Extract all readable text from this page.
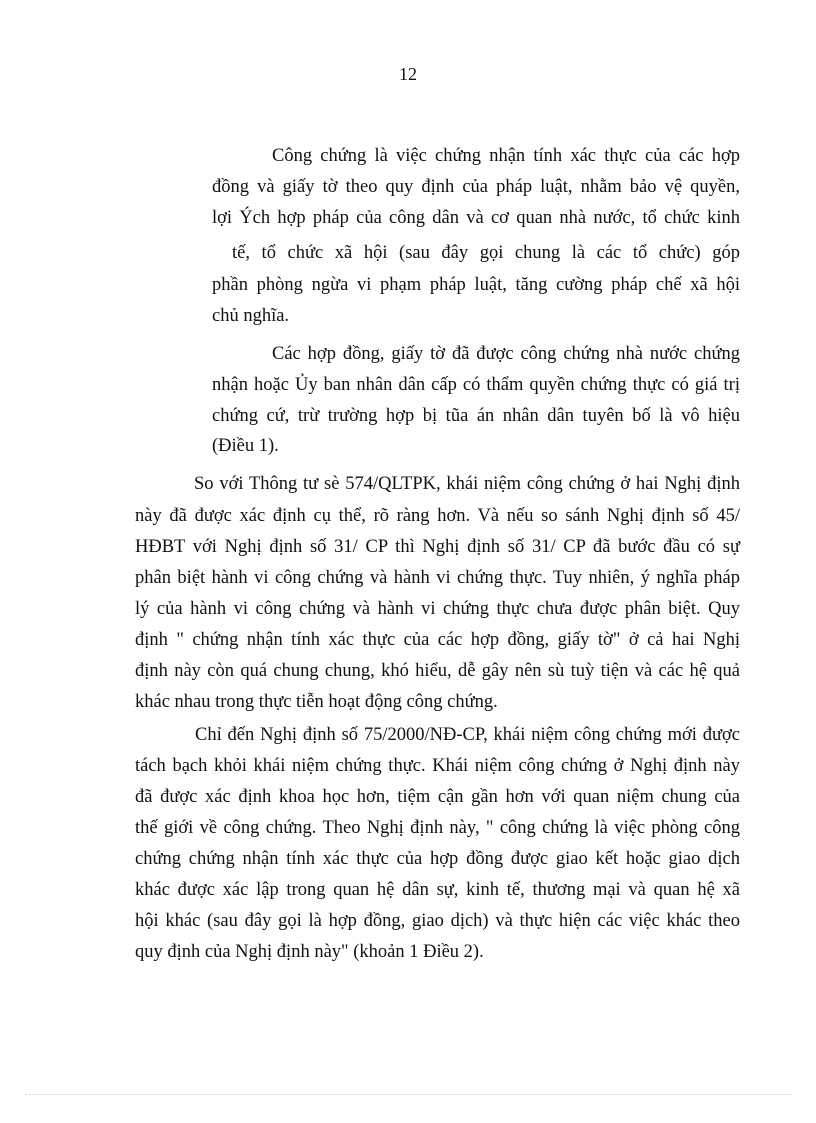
12
Công chứng là việc chứng nhận tính xác thực của các hợp
đồng và giấy tờ theo quy định của pháp luật, nhằm bảo vệ quyền,
lợi Ých hợp pháp của công dân và cơ quan nhà nước, tổ chức kinh
tế, tổ chức xã hội (sau đây gọi chung là các tổ chức) góp
phần phòng ngừa vi phạm pháp luật, tăng cường pháp chế xã hội
chủ nghĩa.
Các hợp đồng, giấy tờ đã được công chứng nhà nước chứng
nhận hoặc Ủy ban nhân dân cấp có thẩm quyền chứng thực có giá trị
chứng cứ, trừ trường hợp bị tũa án nhân dân tuyên bố là vô hiệu
(Điều 1).
So với Thông tư sè 574/QLTPK, khái niệm công chứng ở hai Nghị định
này đã được xác định cụ thể, rõ ràng hơn. Và nếu so sánh Nghị định số 45/
HĐBT với Nghị định số 31/ CP thì Nghị định số 31/ CP đã bước đầu có sự
phân biệt hành vi công chứng và hành vi chứng thực. Tuy nhiên, ý nghĩa pháp
lý của hành vi công chứng và hành vi chứng thực chưa được phân biệt. Quy
định " chứng nhận tính xác thực của các hợp đồng, giấy tờ" ở cả hai Nghị
định này còn quá chung chung, khó hiểu, dễ gây nên sù tuỳ tiện và các hệ quả
khác nhau trong thực tiễn hoạt động công chứng.
Chỉ đến Nghị định số 75/2000/NĐ-CP, khái niệm công chứng mới được
tách bạch khỏi khái niệm chứng thực. Khái niệm công chứng ở Nghị định này
đã được xác định khoa học hơn, tiệm cận gần hơn với quan niệm chung của
thế giới về công chứng. Theo Nghị định này, " công chứng là việc phòng công
chứng chứng nhận tính xác thực của hợp đồng được giao kết hoặc giao dịch
khác được xác lập trong quan hệ dân sự, kinh tế, thương mại và quan hệ xã
hội khác (sau đây gọi là hợp đồng, giao dịch) và thực hiện các việc khác theo
quy định của Nghị định này" (khoản 1 Điều 2).
